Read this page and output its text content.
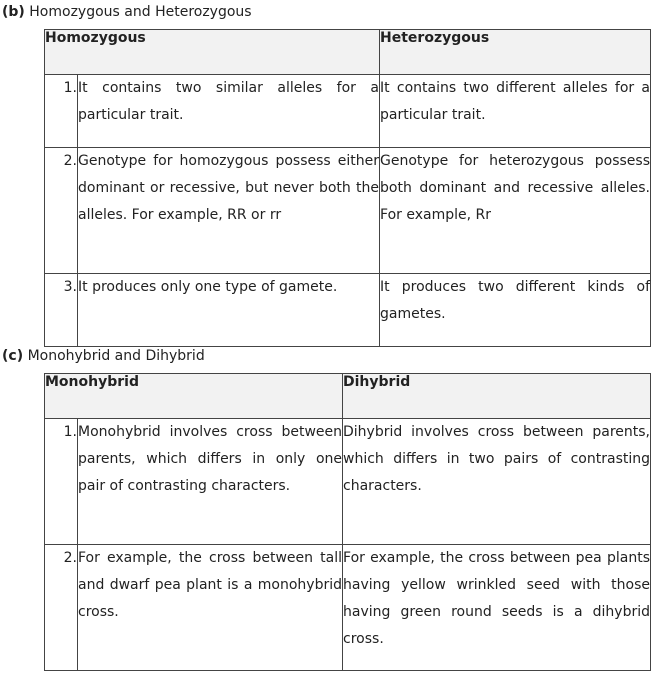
(b) Homozygous and Heterozygous
Homozygous		Heterozygous
1.	It contains two similar alleles for a particular trait.	It contains two different alleles for a particular trait.

2.	Genotype for homozygous possess either dominant or recessive, but never both the alleles. For example, RR or rr	Genotype for heterozygous possess both dominant and recessive alleles. For example, Rr

3.	It produces only one type of gamete.	It produces two different kinds of gametes.
(c) Monohybrid and Dihybrid
Monohybrid		Dihybrid
1.	Monohybrid involves cross between parents, which differs in only one pair of contrasting characters.	Dihybrid involves cross between parents, which differs in two pairs of contrasting characters.

2.	For example, the cross between tall and dwarf pea plant is a monohybrid cross.	For example, the cross between pea plants having yellow wrinkled seed with those having green round seeds is a dihybrid cross.
